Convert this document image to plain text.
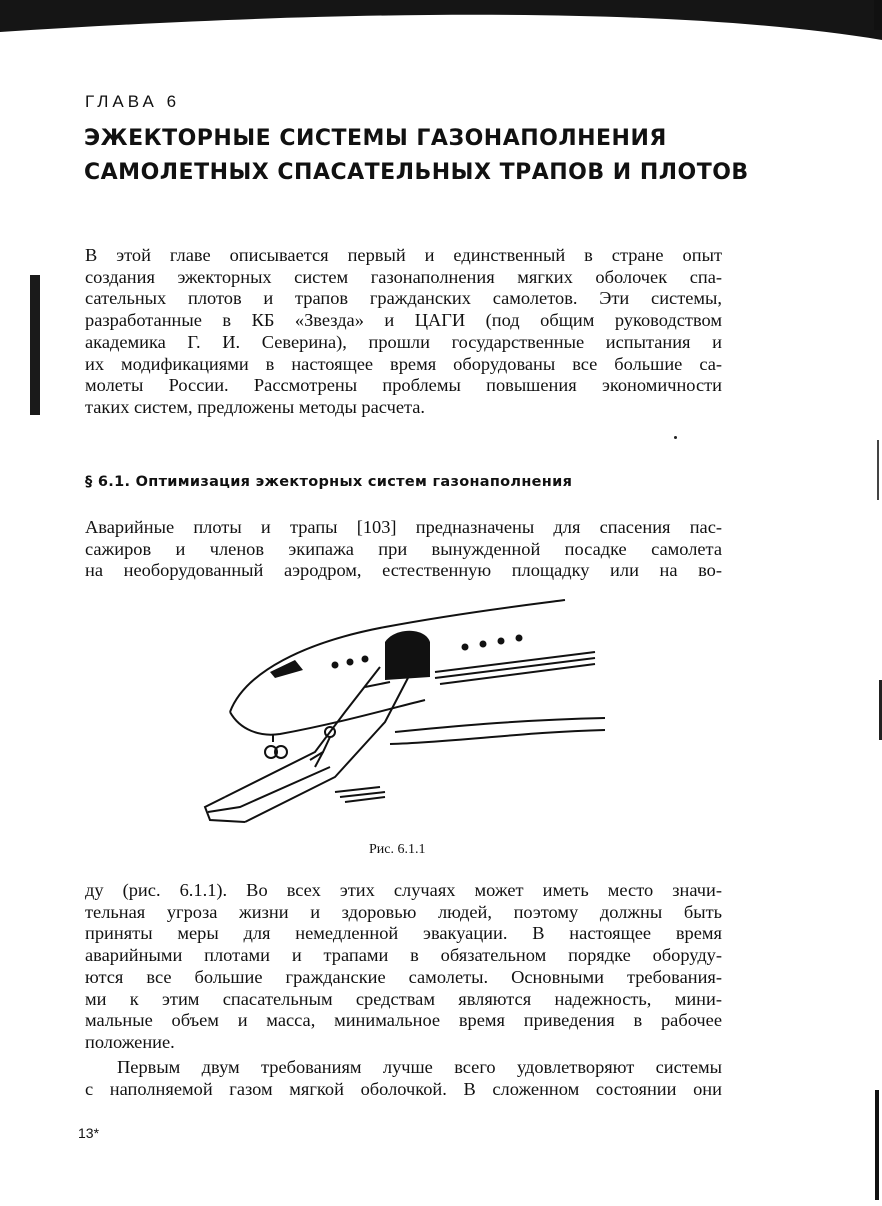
ГЛАВА 6
ЭЖЕКТОРНЫЕ СИСТЕМЫ ГАЗОНАПОЛНЕНИЯ
САМОЛЕТНЫХ СПАСАТЕЛЬНЫХ ТРАПОВ И ПЛОТОВ

В этой главе описывается первый и единственный в стране опыт
создания эжекторных систем газонаполнения мягких оболочек спа-
сательных плотов и трапов гражданских самолетов. Эти системы,
разработанные в КБ «Звезда» и ЦАГИ (под общим руководством
академика Г. И. Северина), прошли государственные испытания и
их модификациями в настоящее время оборудованы все большие са-
молеты России. Рассмотрены проблемы повышения экономичности
таких систем, предложены методы расчета.

§ 6.1. Оптимизация эжекторных систем газонаполнения

Аварийные плоты и трапы [103] предназначены для спасения пас-
сажиров и членов экипажа при вынужденной посадке самолета
на необорудованный аэродром, естественную площадку или на во-

Рис. 6.1.1

ду (рис. 6.1.1). Во всех этих случаях может иметь место значи-
тельная угроза жизни и здоровью людей, поэтому должны быть
приняты меры для немедленной эвакуации. В настоящее время
аварийными плотами и трапами в обязательном порядке оборуду-
ются все большие гражданские самолеты. Основными требования-
ми к этим спасательным средствам являются надежность, мини-
мальные объем и масса, минимальное время приведения в рабочее
положение.

Первым двум требованиям лучше всего удовлетворяют системы
с наполняемой газом мягкой оболочкой. В сложенном состоянии они

13*
